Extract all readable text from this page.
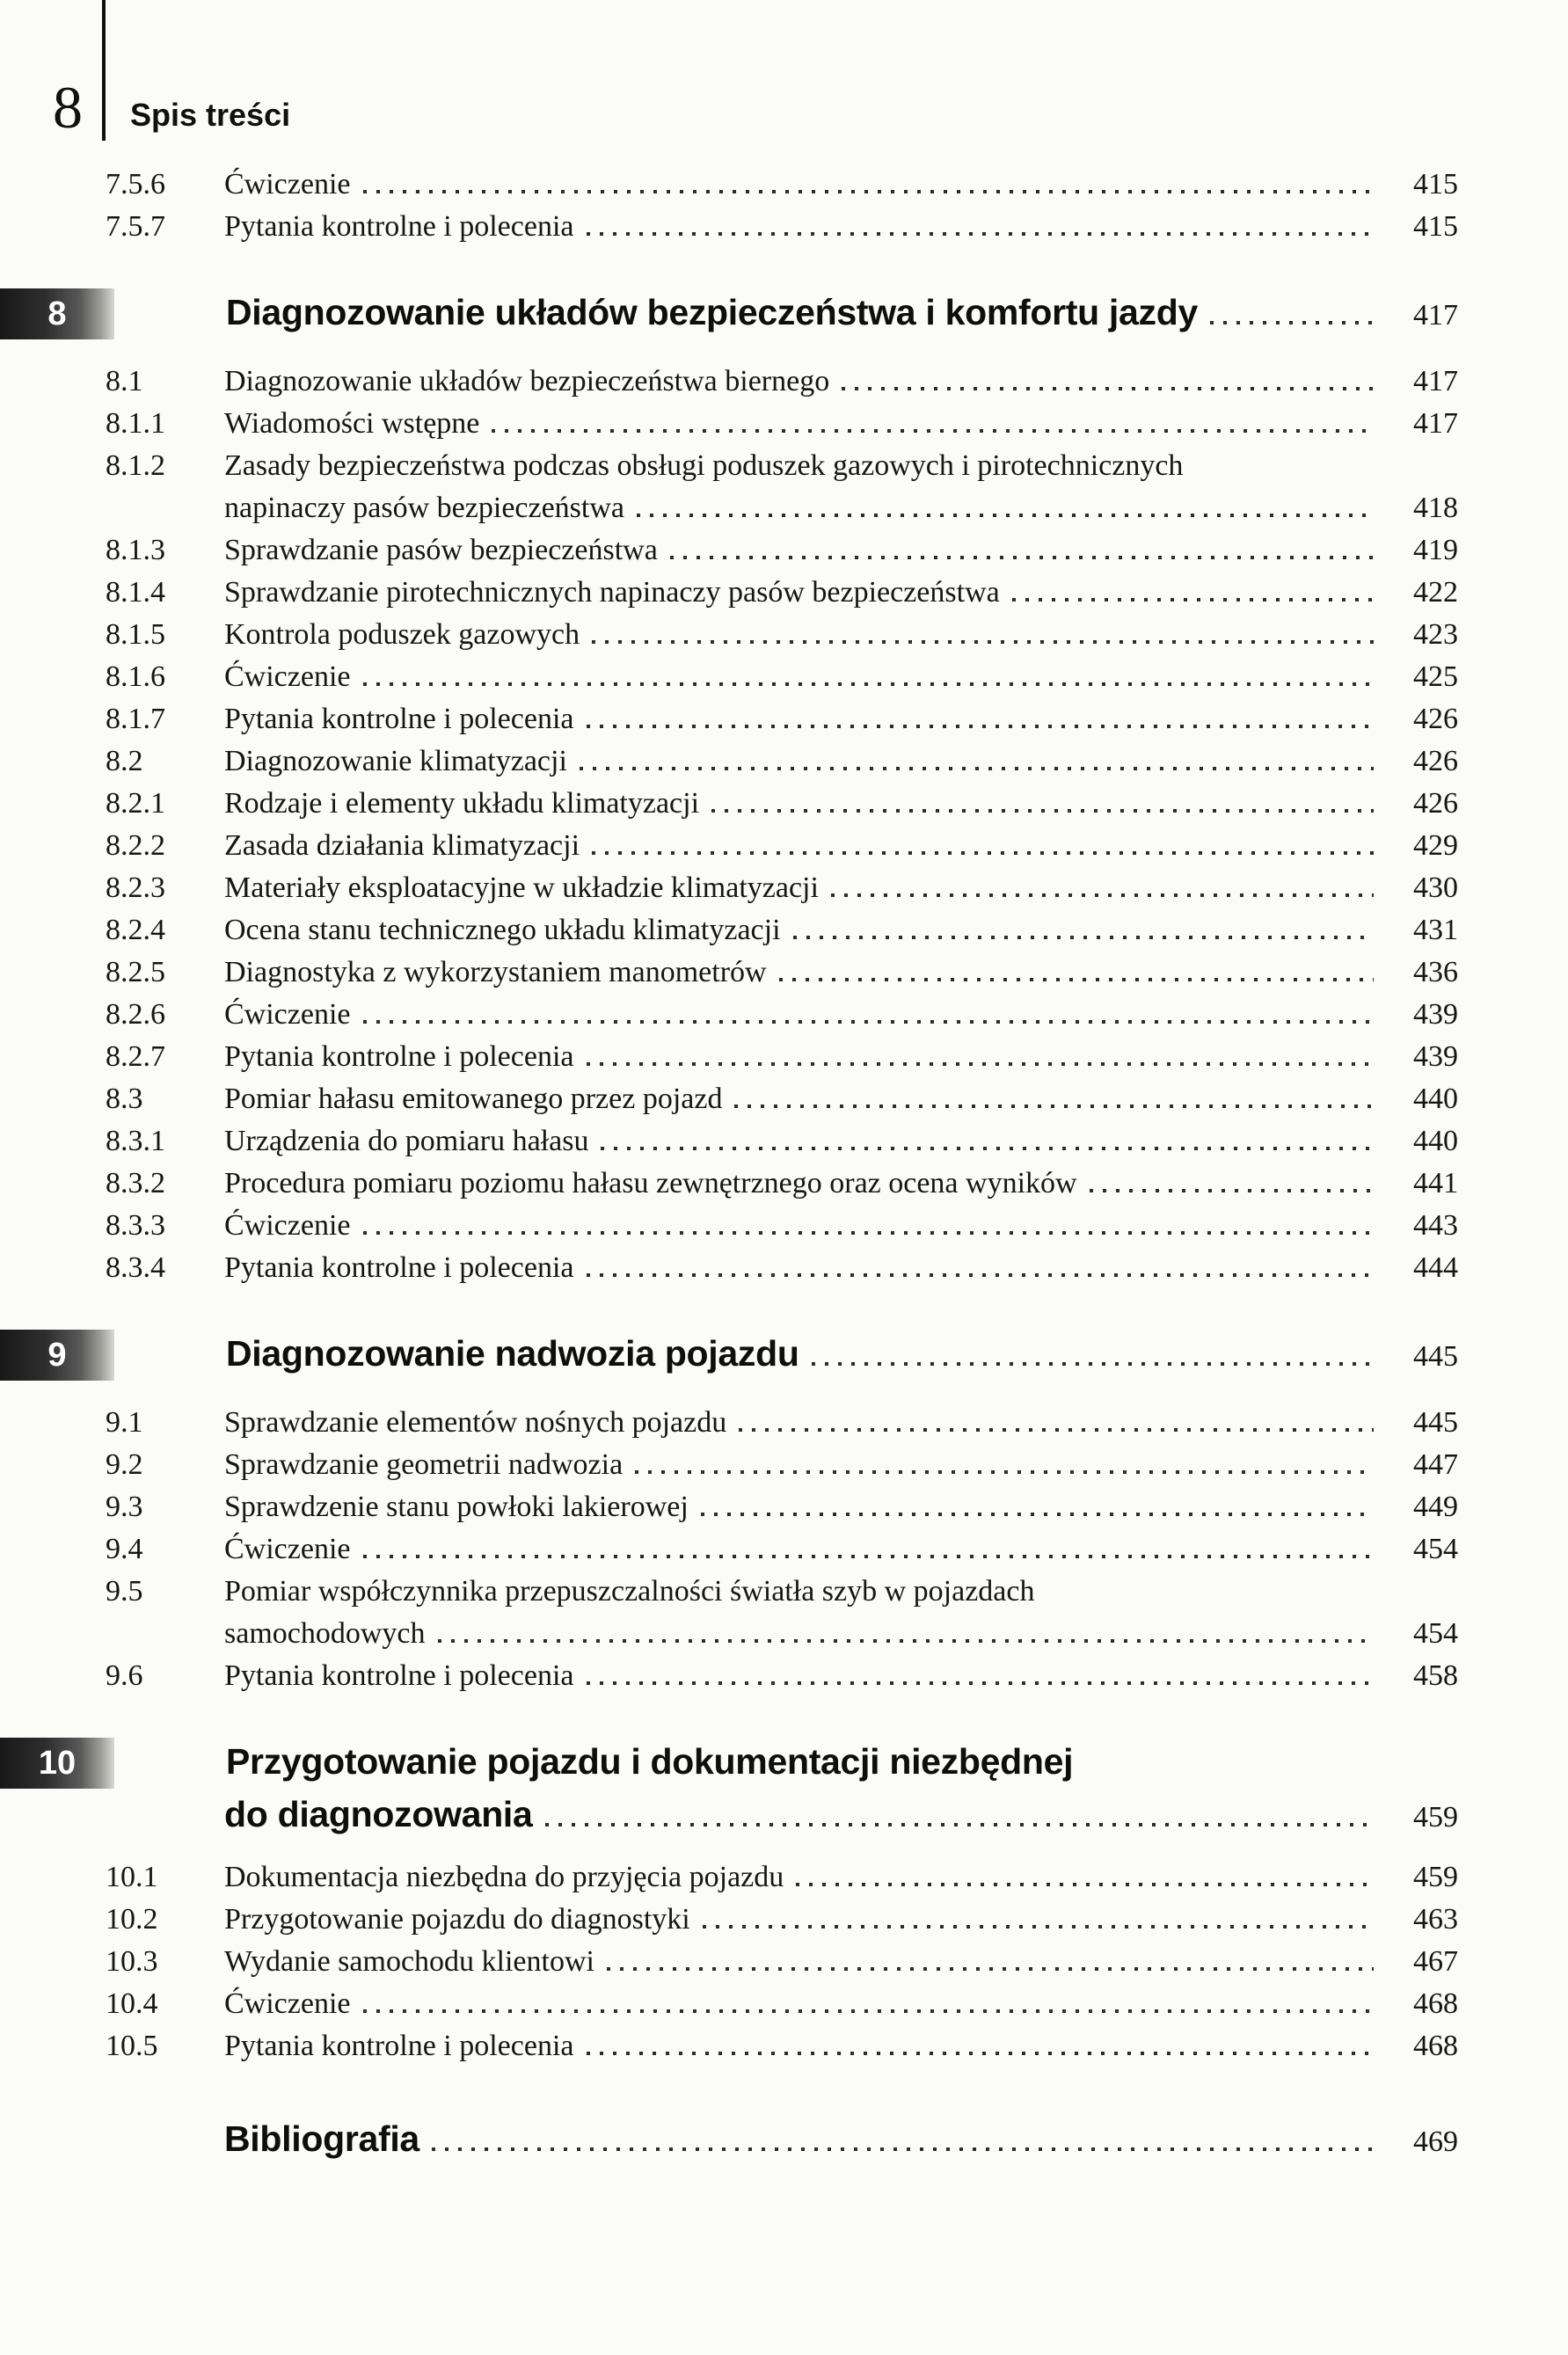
8 Spis treści
7.5.6	Ćwiczenie	415
7.5.7	Pytania kontrolne i polecenia	415
8	Diagnozowanie układów bezpieczeństwa i komfortu jazdy	417
8.1	Diagnozowanie układów bezpieczeństwa biernego	417
8.1.1	Wiadomości wstępne	417
8.1.2	Zasady bezpieczeństwa podczas obsługi poduszek gazowych i pirotechnicznych
napinaczy pasów bezpieczeństwa	418
8.1.3	Sprawdzanie pasów bezpieczeństwa	419
8.1.4	Sprawdzanie pirotechnicznych napinaczy pasów bezpieczeństwa	422
8.1.5	Kontrola poduszek gazowych	423
8.1.6	Ćwiczenie	425
8.1.7	Pytania kontrolne i polecenia	426
8.2	Diagnozowanie klimatyzacji	426
8.2.1	Rodzaje i elementy układu klimatyzacji	426
8.2.2	Zasada działania klimatyzacji	429
8.2.3	Materiały eksploatacyjne w układzie klimatyzacji	430
8.2.4	Ocena stanu technicznego układu klimatyzacji	431
8.2.5	Diagnostyka z wykorzystaniem manometrów	436
8.2.6	Ćwiczenie	439
8.2.7	Pytania kontrolne i polecenia	439
8.3	Pomiar hałasu emitowanego przez pojazd	440
8.3.1	Urządzenia do pomiaru hałasu	440
8.3.2	Procedura pomiaru poziomu hałasu zewnętrznego oraz ocena wyników	441
8.3.3	Ćwiczenie	443
8.3.4	Pytania kontrolne i polecenia	444
9	Diagnozowanie nadwozia pojazdu	445
9.1	Sprawdzanie elementów nośnych pojazdu	445
9.2	Sprawdzanie geometrii nadwozia	447
9.3	Sprawdzenie stanu powłoki lakierowej	449
9.4	Ćwiczenie	454
9.5	Pomiar współczynnika przepuszczalności światła szyb w pojazdach
samochodowych	454
9.6	Pytania kontrolne i polecenia	458
10	Przygotowanie pojazdu i dokumentacji niezbędnej
do diagnozowania	459
10.1	Dokumentacja niezbędna do przyjęcia pojazdu	459
10.2	Przygotowanie pojazdu do diagnostyki	463
10.3	Wydanie samochodu klientowi	467
10.4	Ćwiczenie	468
10.5	Pytania kontrolne i polecenia	468
Bibliografia	469
